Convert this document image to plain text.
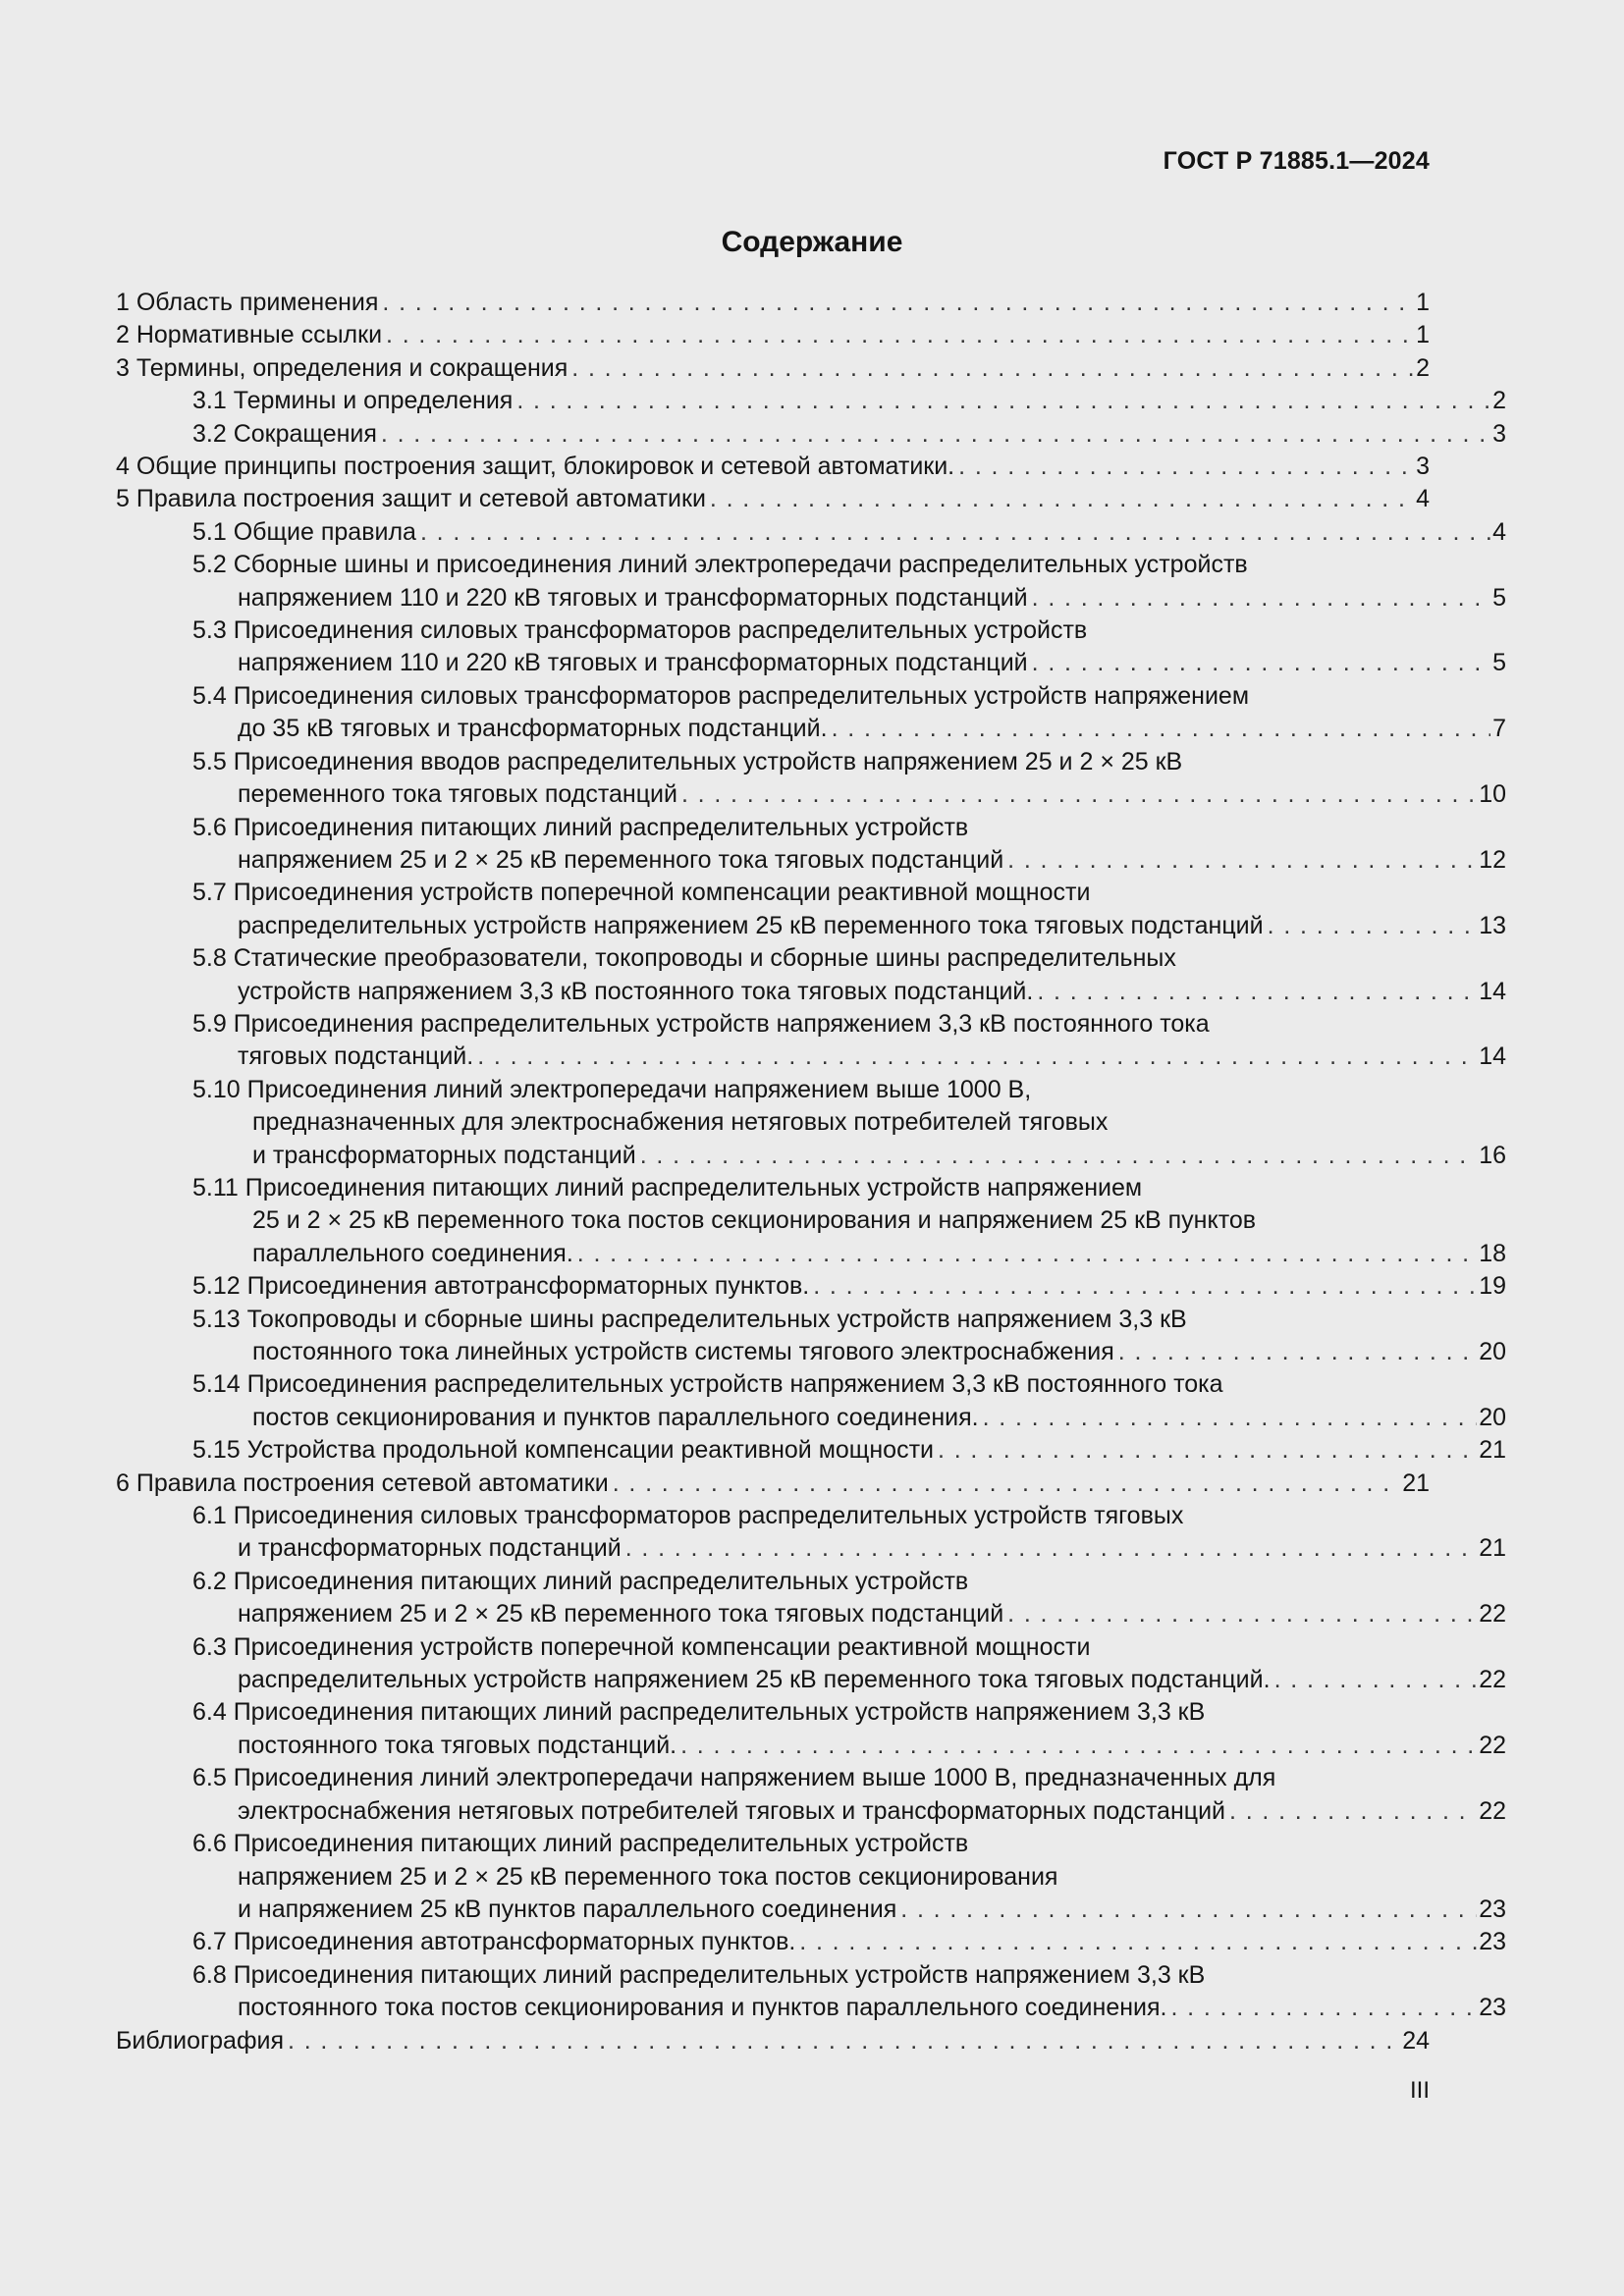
ГОСТ Р 71885.1—2024
Содержание
1 Область применения . . .	1
2 Нормативные ссылки . . .	1
3 Термины, определения и сокращения . . .	2
3.1 Термины и определения . . .	2
3.2 Сокращения . . .	3
4 Общие принципы построения защит, блокировок и сетевой автоматики. . . .	3
5 Правила построения защит и сетевой автоматики . . .	4
5.1 Общие правила . . .	4
5.2 Сборные шины и присоединения линий электропередачи распределительных устройств
напряжением 110 и 220 кВ тяговых и трансформаторных подстанций . . .	5
5.3 Присоединения силовых трансформаторов распределительных устройств
напряжением 110 и 220 кВ тяговых и трансформаторных подстанций . . .	5
5.4 Присоединения силовых трансформаторов распределительных устройств напряжением
до 35 кВ тяговых и трансформаторных подстанций. . . .	7
5.5 Присоединения вводов распределительных устройств напряжением 25 и 2 × 25 кВ
переменного тока тяговых подстанций . . .	10
5.6 Присоединения питающих линий распределительных устройств
напряжением 25 и 2 × 25 кВ переменного тока тяговых подстанций . . .	12
5.7 Присоединения устройств поперечной компенсации реактивной мощности
распределительных устройств напряжением 25 кВ переменного тока тяговых подстанций . . .	13
5.8 Статические преобразователи, токопроводы и сборные шины распределительных
устройств напряжением 3,3 кВ постоянного тока тяговых подстанций. . . .	14
5.9 Присоединения распределительных устройств напряжением 3,3 кВ постоянного тока
тяговых подстанций. . . .	14
5.10 Присоединения линий электропередачи напряжением выше 1000 В,
предназначенных для электроснабжения нетяговых потребителей тяговых
и трансформаторных подстанций . . .	16
5.11 Присоединения питающих линий распределительных устройств напряжением
25 и 2 × 25 кВ переменного тока постов секционирования и напряжением 25 кВ пунктов
параллельного соединения. . . .	18
5.12 Присоединения автотрансформаторных пунктов. . . .	19
5.13 Токопроводы и сборные шины распределительных устройств напряжением 3,3 кВ
постоянного тока линейных устройств системы тягового электроснабжения . . .	20
5.14 Присоединения распределительных устройств напряжением 3,3 кВ постоянного тока
постов секционирования и пунктов параллельного соединения. . . .	20
5.15 Устройства продольной компенсации реактивной мощности . . .	21
6 Правила построения сетевой автоматики . . .	21
6.1 Присоединения силовых трансформаторов распределительных устройств тяговых
и трансформаторных подстанций . . .	21
6.2 Присоединения питающих линий распределительных устройств
напряжением 25 и 2 × 25 кВ переменного тока тяговых подстанций . . .	22
6.3 Присоединения устройств поперечной компенсации реактивной мощности
распределительных устройств напряжением 25 кВ переменного тока тяговых подстанций. . . .	22
6.4 Присоединения питающих линий распределительных устройств напряжением 3,3 кВ
постоянного тока тяговых подстанций. . . .	22
6.5 Присоединения линий электропередачи напряжением выше 1000 В, предназначенных для
электроснабжения нетяговых потребителей тяговых и трансформаторных подстанций . . .	22
6.6 Присоединения питающих линий распределительных устройств
напряжением 25 и 2 × 25 кВ переменного тока постов секционирования
и напряжением 25 кВ пунктов параллельного соединения . . .	23
6.7 Присоединения автотрансформаторных пунктов. . . .	23
6.8 Присоединения питающих линий распределительных устройств напряжением 3,3 кВ
постоянного тока постов секционирования и пунктов параллельного соединения. . . .	23
Библиография . . .	24
III
